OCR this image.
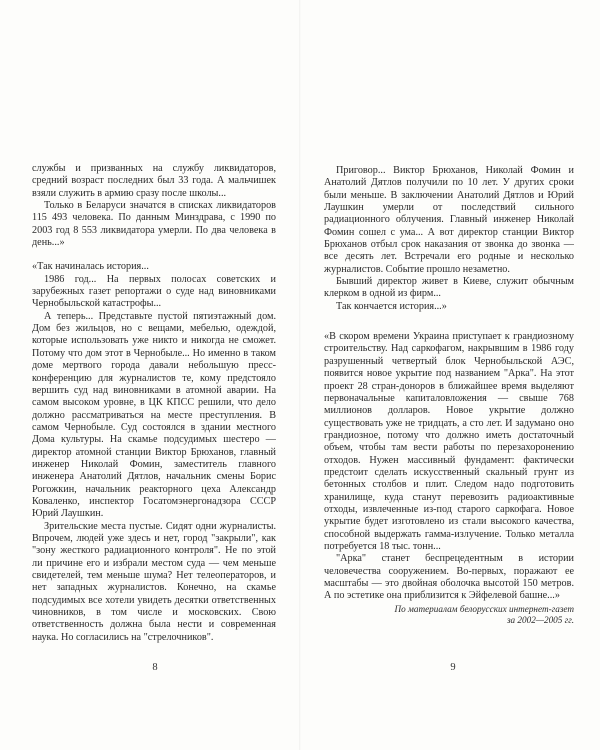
службы и призванных на службу ликвидаторов, средний возраст последних был 33 года. А мальчишек взяли служить в армию сразу после школы...

Только в Беларуси значатся в списках ликвидаторов 115 493 человека. По данным Минздрава, с 1990 по 2003 год 8 553 ликвидатора умерли. По два человека в день...»

«Так начиналась история...

1986 год... На первых полосах советских и зарубежных газет репортажи о суде над виновниками Чернобыльской катастрофы...

А теперь... Представьте пустой пятиэтажный дом. Дом без жильцов, но с вещами, мебелью, одеждой, которые использовать уже никто и никогда не сможет. Потому что дом этот в Чернобыле... Но именно в таком доме мертвого города давали небольшую пресс-конференцию для журналистов те, кому предстояло вершить суд над виновниками в атомной аварии. На самом высоком уровне, в ЦК КПСС решили, что дело должно рассматриваться на месте преступления. В самом Чернобыле. Суд состоялся в здании местного Дома культуры. На скамье подсудимых шестеро — директор атомной станции Виктор Брюханов, главный инженер Николай Фомин, заместитель главного инженера Анатолий Дятлов, начальник смены Борис Рогожкин, начальник реакторного цеха Александр Коваленко, инспектор Госатомэнергонадзора СССР Юрий Лаушкин.

Зрительские места пустые. Сидят одни журналисты. Впрочем, людей уже здесь и нет, город "закрыли", как "зону жесткого радиационного контроля". Не по этой ли причине его и избрали местом суда — чем меньше свидетелей, тем меньше шума? Нет телеоператоров, и нет западных журналистов. Конечно, на скамье подсудимых все хотели увидеть десятки ответственных чиновников, в том числе и московских. Свою ответственность должна была нести и современная наука. Но согласились на "стрелочников".

8

Приговор... Виктор Брюханов, Николай Фомин и Анатолий Дятлов получили по 10 лет. У других сроки были меньше. В заключении Анатолий Дятлов и Юрий Лаушкин умерли от последствий сильного радиационного облучения. Главный инженер Николай Фомин сошел с ума... А вот директор станции Виктор Брюханов отбыл срок наказания от звонка до звонка — все десять лет. Встречали его родные и несколько журналистов. Событие прошло незаметно.

Бывший директор живет в Киеве, служит обычным клерком в одной из фирм...

Так кончается история...»

«В скором времени Украина приступает к грандиозному строительству. Над саркофагом, накрывшим в 1986 году разрушенный четвертый блок Чернобыльской АЭС, появится новое укрытие под названием "Арка". На этот проект 28 стран-доноров в ближайшее время выделяют первоначальные капиталовложения — свыше 768 миллионов долларов. Новое укрытие должно существовать уже не тридцать, а сто лет. И задумано оно грандиозное, потому что должно иметь достаточный объем, чтобы там вести работы по перезахоронению отходов. Нужен массивный фундамент: фактически предстоит сделать искусственный скальный грунт из бетонных столбов и плит. Следом надо подготовить хранилище, куда станут перевозить радиоактивные отходы, извлеченные из-под старого саркофага. Новое укрытие будет изготовлено из стали высокого качества, способной выдержать гамма-излучение. Только металла потребуется 18 тыс. тонн...

"Арка" станет беспрецедентным в истории человечества сооружением. Во-первых, поражают ее масштабы — это двойная оболочка высотой 150 метров. А по эстетике она приблизится к Эйфелевой башне...»

По материалам белорусских интернет-газет
за 2002—2005 гг.
9
